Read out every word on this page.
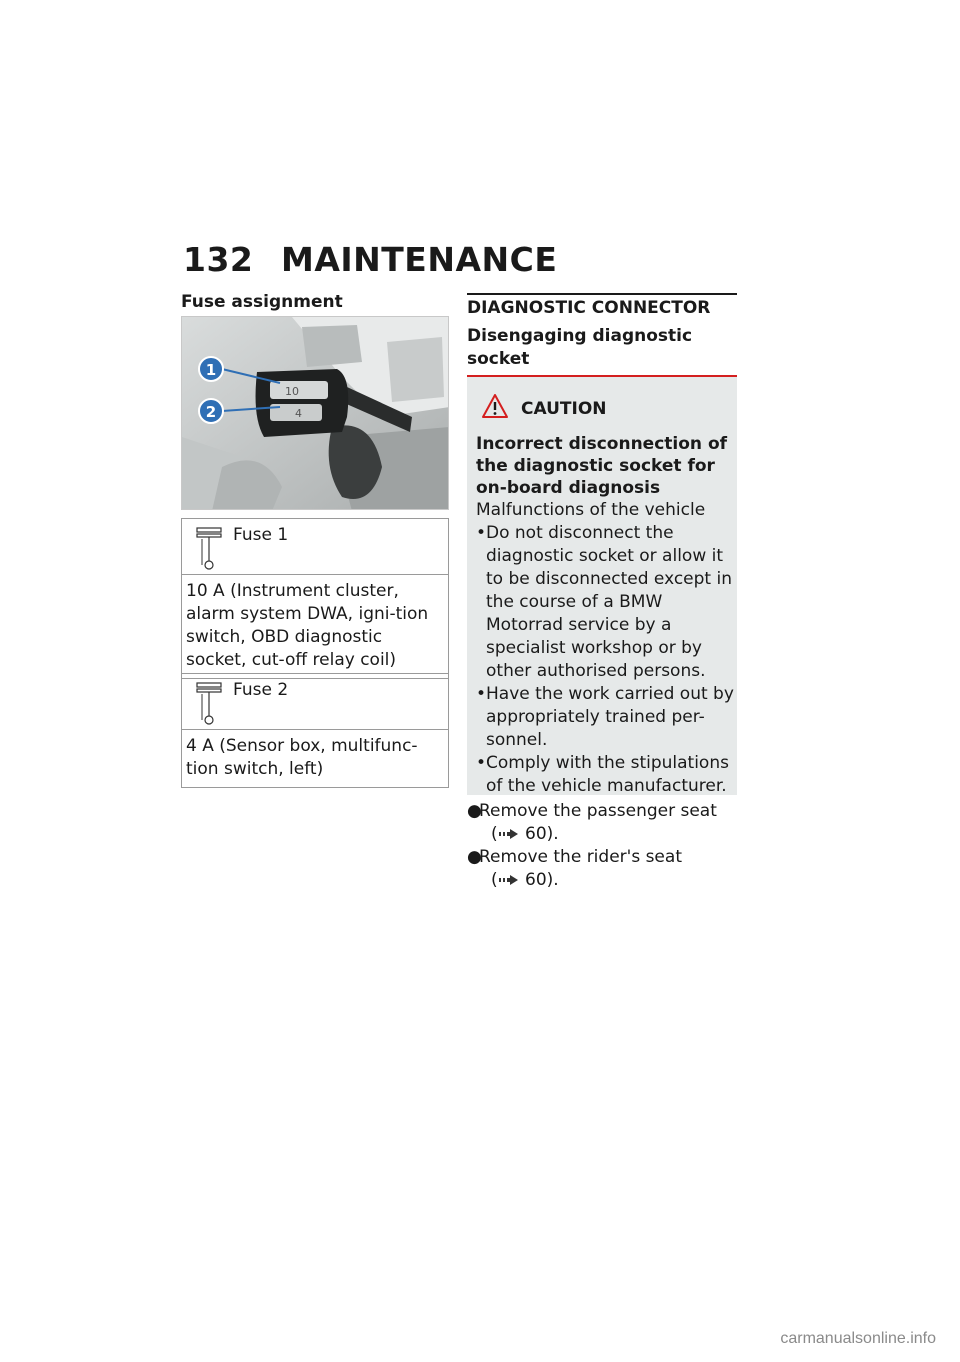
132 MAINTENANCE
Fuse assignment
10
4
1
2
Fuse 1
10 A (Instrument cluster, alarm system DWA, igni-tion switch, OBD diagnostic socket, cut-off relay coil)
Fuse 2
4 A (Sensor box, multifunc-tion switch, left)
DIAGNOSTIC CONNECTOR
Disengaging diagnostic socket
CAUTION
Incorrect disconnection of the diagnostic socket for on-board diagnosis
Malfunctions of the vehicle
• Do not disconnect the diagnostic socket or allow it to be disconnected except in the course of a BMW Motorrad service by a specialist workshop or by other authorised persons.
• Have the work carried out by appropriately trained per-sonnel.
• Comply with the stipulations of the vehicle manufacturer.
●
Remove the passenger seat
( 60).
●
Remove the rider's seat
( 60).
carmanualsonline.info
